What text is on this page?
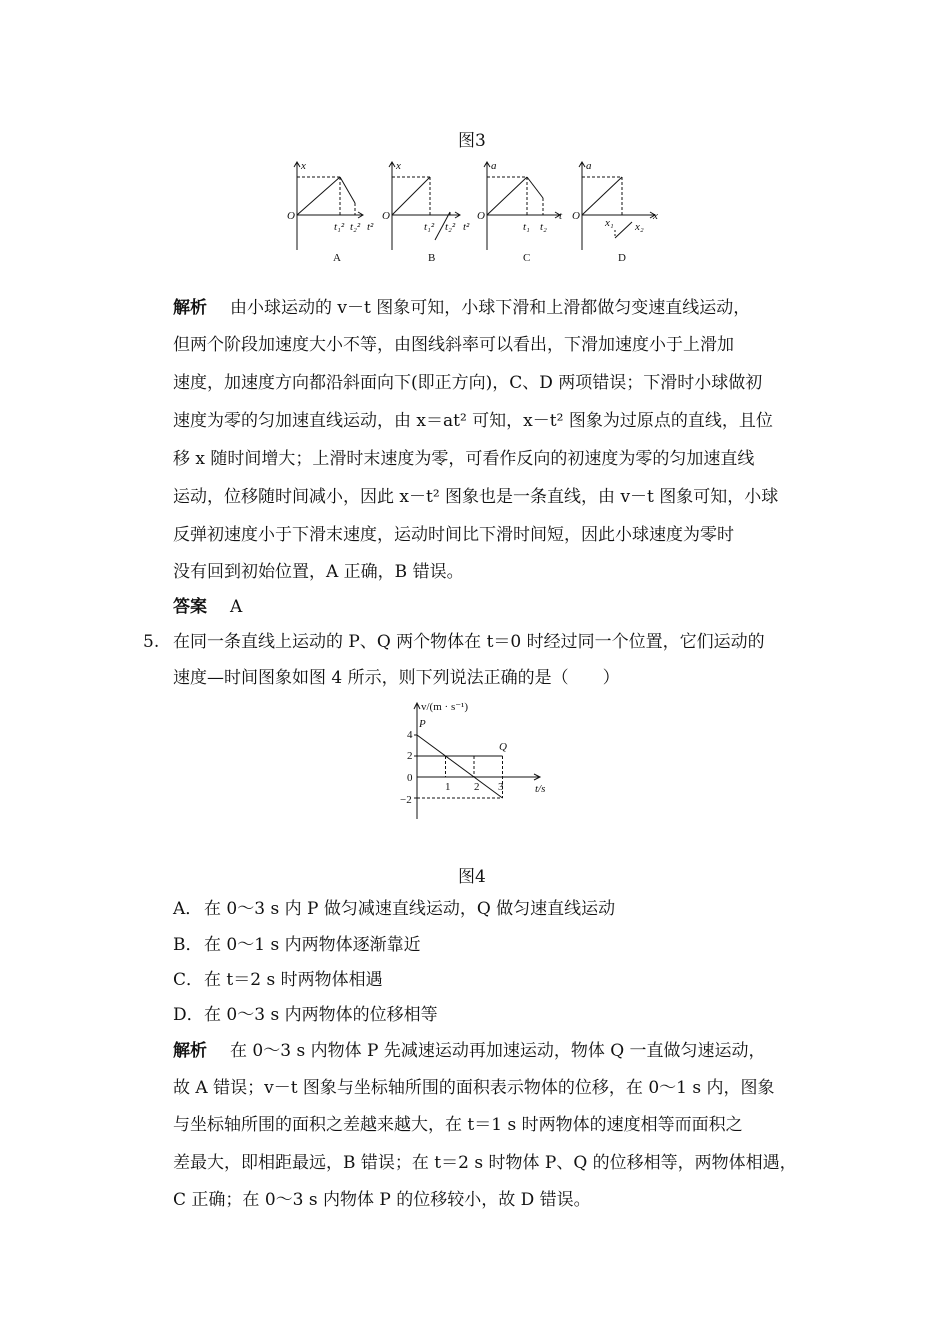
图3
x
O
t₁² t₂² t²
A
x
O
t₁² t₂² t²
B
a
O
t₁ t₂
t
C
a
O
x₁ x₂
x
D
解析 由小球运动的 v－t 图象可知，小球下滑和上滑都做匀变速直线运动，
但两个阶段加速度大小不等，由图线斜率可以看出，下滑加速度小于上滑加
速度，加速度方向都沿斜面向下(即正方向)，C、D 两项错误；下滑时小球做初
速度为零的匀加速直线运动，由 x＝at² 可知，x－t² 图象为过原点的直线，且位
移 x 随时间增大；上滑时末速度为零，可看作反向的初速度为零的匀加速直线
运动，位移随时间减小，因此 x－t² 图象也是一条直线，由 v－t 图象可知，小球
反弹初速度小于下滑末速度，运动时间比下滑时间短，因此小球速度为零时
没有回到初始位置，A 正确，B 错误。
答案 A
5. 在同一条直线上运动的 P、Q 两个物体在 t＝0 时经过同一个位置，它们运动的
速度—时间图象如图 4 所示，则下列说法正确的是（　　）
v/(m · s⁻¹)
t/s
4
2
0
−2
1 2 3
P
Q
图4
A． 在 0～3 s 内 P 做匀减速直线运动，Q 做匀速直线运动
B． 在 0～1 s 内两物体逐渐靠近
C． 在 t＝2 s 时两物体相遇
D． 在 0～3 s 内两物体的位移相等
解析 在 0～3 s 内物体 P 先减速运动再加速运动，物体 Q 一直做匀速运动，
故 A 错误；v－t 图象与坐标轴所围的面积表示物体的位移，在 0～1 s 内，图象
与坐标轴所围的面积之差越来越大，在 t＝1 s 时两物体的速度相等而面积之
差最大，即相距最远，B 错误；在 t＝2 s 时物体 P、Q 的位移相等，两物体相遇，
C 正确；在 0～3 s 内物体 P 的位移较小，故 D 错误。
